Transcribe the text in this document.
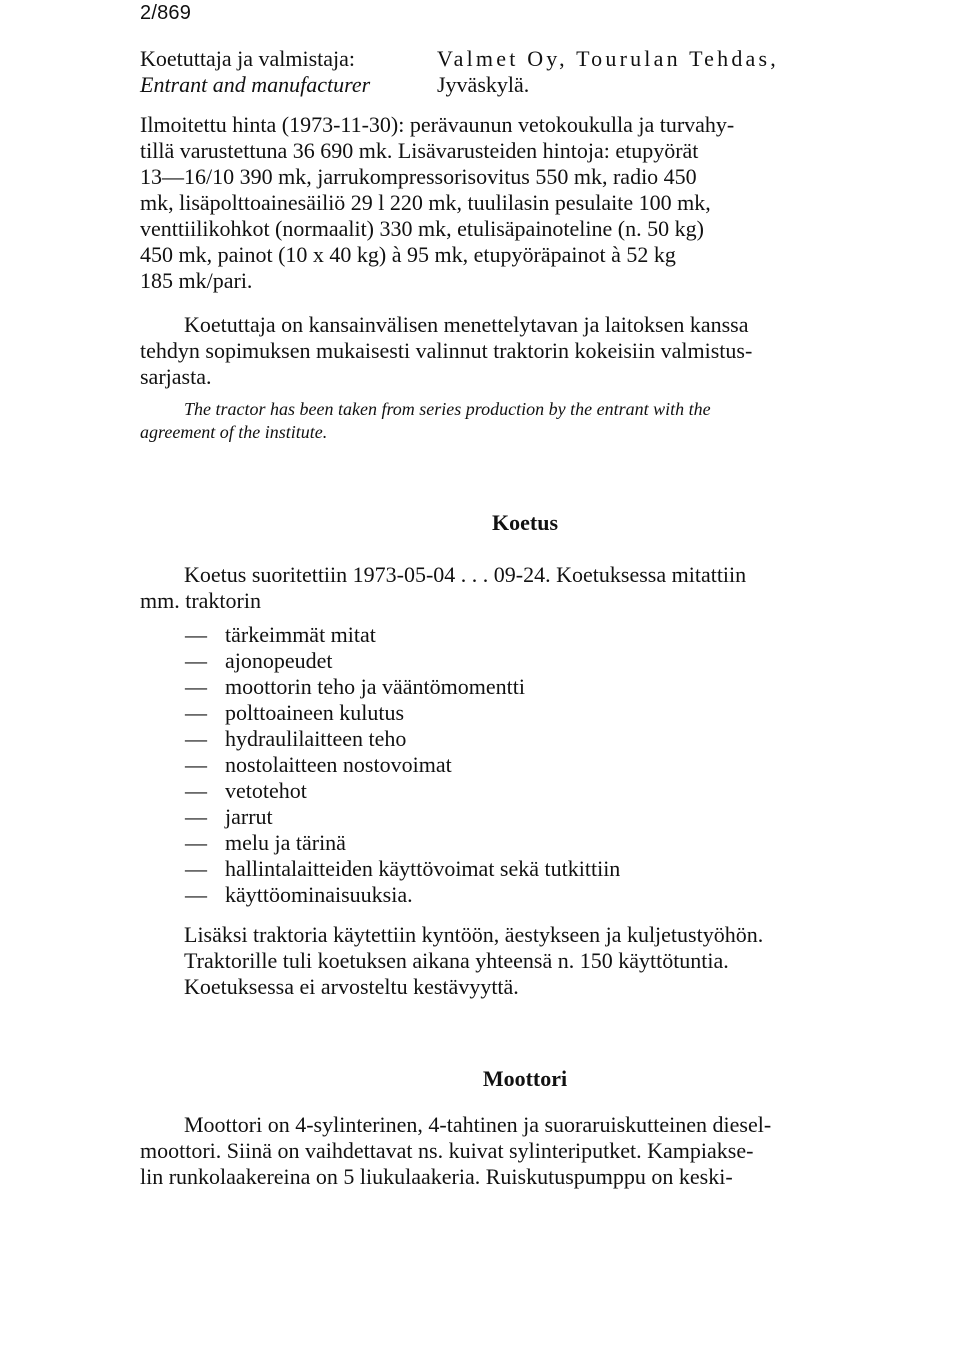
2/869
Koetuttaja ja valmistaja:	Valmet Oy, Tourulan Tehdas,
Entrant and manufacturer	Jyväskylä.

Ilmoitettu hinta (1973-11-30): perävaunun vetokoukulla ja turvahy-

tillä varustettuna 36 690 mk. Lisävarusteiden hintoja: etupyörät

13—16/10 390 mk, jarrukompressorisovitus 550 mk, radio 450

mk, lisäpolttoainesäiliö 29 l 220 mk, tuulilasin pesulaite 100 mk,

venttiilikohkot (normaalit) 330 mk, etulisäpainoteline (n. 50 kg)

450 mk, painot (10 x 40 kg) à 95 mk, etupyöräpainot à 52 kg

185 mk/pari.

Koetuttaja on kansainvälisen menettelytavan ja laitoksen kanssa

tehdyn sopimuksen mukaisesti valinnut traktorin kokeisiin valmistus-

sarjasta.

The tractor has been taken from series production by the entrant with the

agreement of the institute.

Koetus

Koetus suoritettiin 1973-05-04 . . . 09-24. Koetuksessa mitattiin

mm. traktorin

— tärkeimmät mitat
— ajonopeudet
— moottorin teho ja vääntömomentti
— polttoaineen kulutus
— hydraulilaitteen teho
— nostolaitteen nostovoimat
— vetotehot
— jarrut
— melu ja tärinä
— hallintalaitteiden käyttövoimat sekä tutkittiin
— käyttöominaisuuksia.

Lisäksi traktoria käytettiin kyntöön, äestykseen ja kuljetustyöhön.

Traktorille tuli koetuksen aikana yhteensä n. 150 käyttötuntia.

Koetuksessa ei arvosteltu kestävyyttä.

Moottori

Moottori on 4-sylinterinen, 4-tahtinen ja suoraruiskutteinen diesel-

moottori. Siinä on vaihdettavat ns. kuivat sylinteriputket. Kampiakse-

lin runkolaakereina on 5 liukulaakeria. Ruiskutuspumppu on keski-
